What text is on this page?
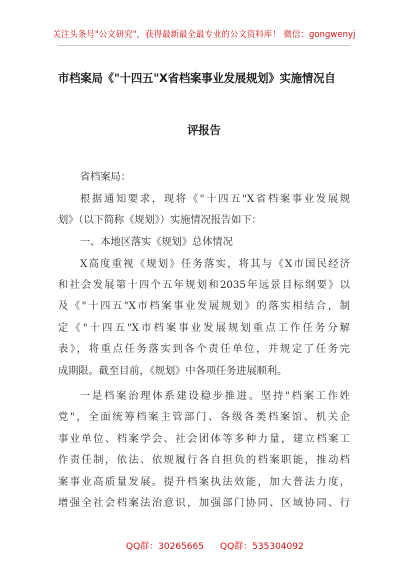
关注头条号"公文研究"，获得最新最全最专业的公文资料库！ 微信：gongwenyj
市档案局《"十四五"X省档案事业发展规划》实施情况自
评报告
省档案局：
根据通知要求，现将《"十四五"X省档案事业发展规
划》（以下简称《规划》）实施情况报告如下：
一、本地区落实《规划》总体情况
X高度重视《规划》任务落实，将其与《X市国民经济
和社会发展第十四个五年规划和2035年远景目标纲要》以
及《"十四五"X市档案事业发展规划》的落实相结合，制
定《"十四五"X市档案事业发展规划重点工作任务分解
表》，将重点任务落实到各个责任单位，并规定了任务完
成期限。截至目前，《规划》中各项任务进展顺利。
一是档案治理体系建设稳步推进。坚持"档案工作姓
党"，全面统筹档案主管部门、各级各类档案馆、机关企
事业单位、档案学会、社会团体等多种力量，建立档案工
作责任制，依法、依规履行各自担负的档案职能，推动档
案事业高质量发展。提升档案执法效能，加大普法力度，
增强全社会档案法治意识，加强部门协同、区域协同、行
QQ群：30265665 QQ群：535304092
